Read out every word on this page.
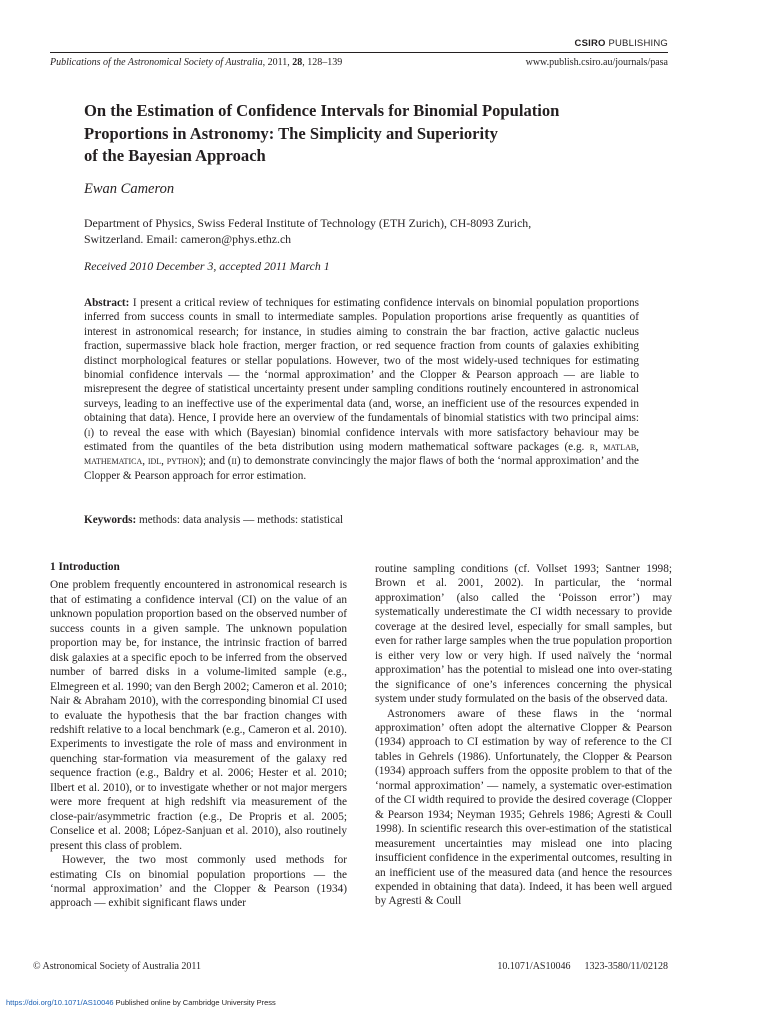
CSIRO PUBLISHING
Publications of the Astronomical Society of Australia, 2011, 28, 128–139	www.publish.csiro.au/journals/pasa
On the Estimation of Confidence Intervals for Binomial Population
Proportions in Astronomy: The Simplicity and Superiority
of the Bayesian Approach
Ewan Cameron
Department of Physics, Swiss Federal Institute of Technology (ETH Zurich), CH-8093 Zurich,
Switzerland. Email: cameron@phys.ethz.ch
Received 2010 December 3, accepted 2011 March 1

Abstract: I present a critical review of techniques for estimating confidence intervals on binomial population proportions inferred from success counts in small to intermediate samples. Population proportions arise frequently as quantities of interest in astronomical research; for instance, in studies aiming to constrain the bar fraction, active galactic nucleus fraction, supermassive black hole fraction, merger fraction, or red sequence fraction from counts of galaxies exhibiting distinct morphological features or stellar populations. However, two of the most widely-used techniques for estimating binomial confidence intervals — the ‘normal approximation’ and the Clopper & Pearson approach — are liable to misrepresent the degree of statistical uncertainty present under sampling conditions routinely encountered in astronomical surveys, leading to an ineffective use of the experimental data (and, worse, an inefficient use of the resources expended in obtaining that data). Hence, I provide here an overview of the fundamentals of binomial statistics with two principal aims: (i) to reveal the ease with which (Bayesian) binomial confidence intervals with more satisfactory behaviour may be estimated from the quantiles of the beta distribution using modern mathematical software packages (e.g. r, matlab, mathematica, idl, python); and (ii) to demonstrate convincingly the major flaws of both the ‘normal approximation’ and the Clopper & Pearson approach for error estimation.

Keywords: methods: data analysis — methods: statistical

1 Introduction

One problem frequently encountered in astronomical research is that of estimating a confidence interval (CI) on the value of an unknown population proportion based on the observed number of success counts in a given sample. The unknown population proportion may be, for instance, the intrinsic fraction of barred disk galaxies at a specific epoch to be inferred from the observed number of barred disks in a volume-limited sample (e.g., Elmegreen et al. 1990; van den Bergh 2002; Cameron et al. 2010; Nair & Abraham 2010), with the corresponding binomial CI used to evaluate the hypothesis that the bar fraction changes with redshift relative to a local benchmark (e.g., Cameron et al. 2010). Experiments to investigate the role of mass and environment in quenching star-formation via measurement of the galaxy red sequence fraction (e.g., Baldry et al. 2006; Hester et al. 2010; Ilbert et al. 2010), or to investigate whether or not major mergers were more frequent at high redshift via measurement of the close-pair/asymmetric fraction (e.g., De Propris et al. 2005; Conselice et al. 2008; López-Sanjuan et al. 2010), also routinely present this class of problem.

However, the two most commonly used methods for estimating CIs on binomial population proportions — the ‘normal approximation’ and the Clopper & Pearson (1934) approach — exhibit significant flaws under

routine sampling conditions (cf. Vollset 1993; Santner 1998; Brown et al. 2001, 2002). In particular, the ‘normal approximation’ (also called the ‘Poisson error’) may systematically underestimate the CI width necessary to provide coverage at the desired level, especially for small samples, but even for rather large samples when the true population proportion is either very low or very high. If used naïvely the ‘normal approximation’ has the potential to mislead one into over-stating the significance of one’s inferences concerning the physical system under study formulated on the basis of the observed data.

Astronomers aware of these flaws in the ‘normal approximation’ often adopt the alternative Clopper & Pearson (1934) approach to CI estimation by way of reference to the CI tables in Gehrels (1986). Unfortunately, the Clopper & Pearson (1934) approach suffers from the opposite problem to that of the ‘normal approximation’ — namely, a systematic over-estimation of the CI width required to provide the desired coverage (Clopper & Pearson 1934; Neyman 1935; Gehrels 1986; Agresti & Coull 1998). In scientific research this over-estimation of the statistical measurement uncertainties may mislead one into placing insufficient confidence in the experimental outcomes, resulting in an inefficient use of the measured data (and hence the resources expended in obtaining that data). Indeed, it has been well argued by Agresti & Coull

© Astronomical Society of Australia 2011	10.1071/AS10046 1323-3580/11/02128
https://doi.org/10.1071/AS10046 Published online by Cambridge University Press
